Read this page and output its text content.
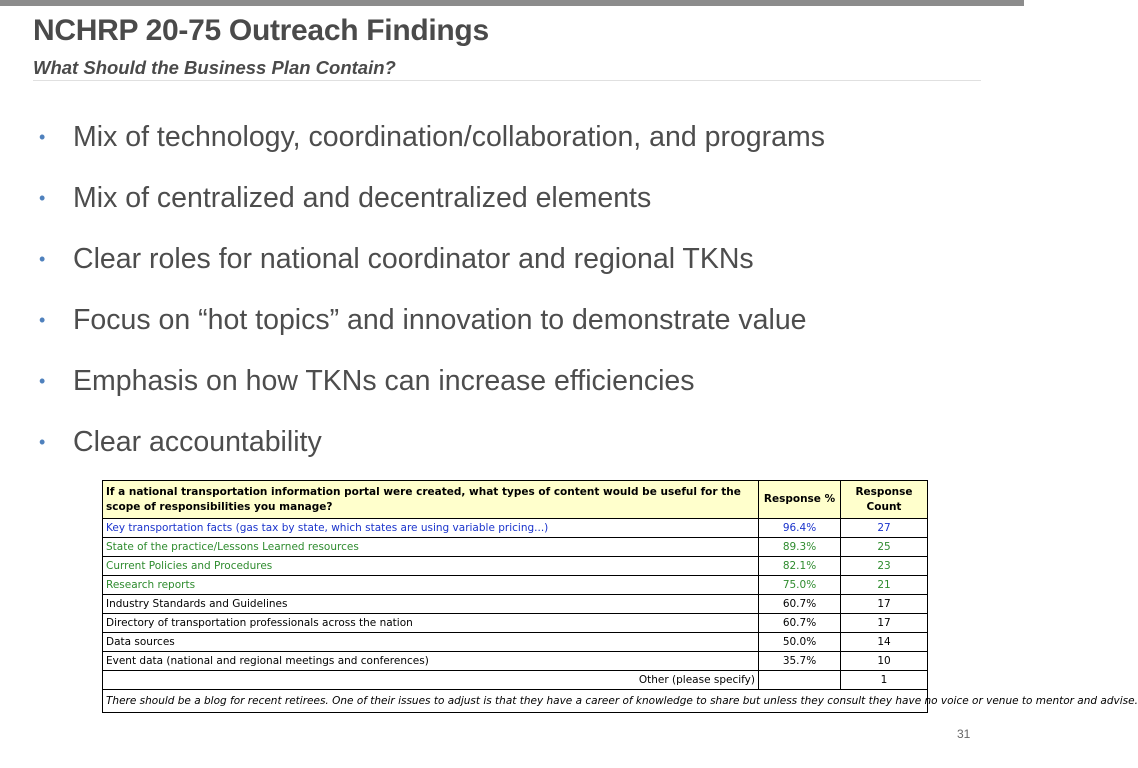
NCHRP 20-75 Outreach Findings
What Should the Business Plan Contain?
• Mix of technology, coordination/collaboration, and programs
• Mix of centralized and decentralized elements
• Clear roles for national coordinator and regional TKNs
• Focus on “hot topics” and innovation to demonstrate value
• Emphasis on how TKNs can increase efficiencies
• Clear accountability
If a national transportation information portal were created, what types of content would be useful for the scope of responsibilities you manage?	Response %	Response Count
Key transportation facts (gas tax by state, which states are using variable pricing...)	96.4%	27
State of the practice/Lessons Learned resources	89.3%	25
Current Policies and Procedures	82.1%	23
Research reports	75.0%	21
Industry Standards and Guidelines	60.7%	17
Directory of transportation professionals across the nation	60.7%	17
Data sources	50.0%	14
Event data (national and regional meetings and conferences)	35.7%	10
Other (please specify)		1
There should be a blog for recent retirees. One of their issues to adjust is that they have a career of knowledge to share but unless they consult they have no voice or venue to mentor and advise.		
31
